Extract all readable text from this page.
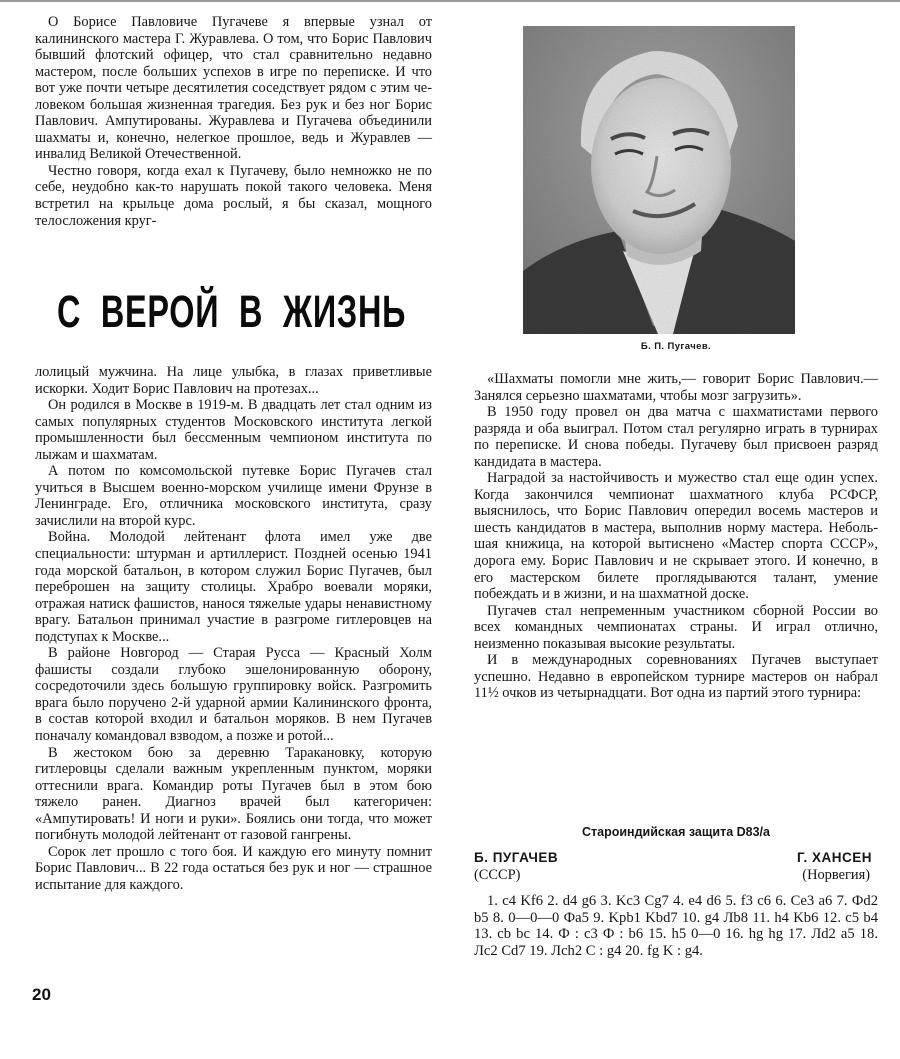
О Борисе Павловиче Пугачеве я впервые узнал от калининского мастера Г. Журавлева. О том, что Борис Павлович бывший флотский офицер, что стал сравнительно недавно мастером, после больших успехов в игре по переписке. И что вот уже почти четыре десятилетия соседствует рядом с этим человеком большая жизненная трагедия. Без рук и без ног Борис Павлович. Ампутированы. Журавлева и Пугачева объединили шахматы и, конечно, нелегкое прошлое, ведь и Журавлев — инвалид Великой Отечественной.

Честно говоря, когда ехал к Пугачеву, было немножко не по себе, неудобно как-то нарушать покой такого человека. Меня встретил на крыльце дома рослый, я бы сказал, мощного телосложения круг-

С ВЕРОЙ В ЖИЗНЬ

лолицый мужчина. На лице улыбка, в глазах приветливые искорки. Ходит Борис Павлович на протезах...

Он родился в Москве в 1919-м. В двадцать лет стал одним из самых популярных студентов Московского института легкой промышленности был бессменным чемпионом института по лыжам и шахматам.

А потом по комсомольской путевке Борис Пугачев стал учиться в Высшем военно-морском училище имени Фрунзе в Ленинграде. Его, отличника московского института, сразу зачислили на второй курс.

Война. Молодой лейтенант флота имел уже две специальности: штурман и артиллерист. Поздней осенью 1941 года морской батальон, в котором служил Борис Пугачев, был переброшен на защиту столицы. Храбро воевали моряки, отражая натиск фашистов, нанося тяжелые удары ненавистному врагу. Батальон принимал участие в разгроме гитлеровцев на подступах к Москве...

В районе Новгород — Старая Русса — Красный Холм фашисты создали глубоко эшелонированную оборону, сосредоточили здесь большую группировку войск. Разгромить врага было поручено 2-й ударной армии Калининского фронта, в состав которой входил и батальон моряков. В нем Пугачев поначалу командовал взводом, а позже и ротой...

В жестоком бою за деревню Таракановку, которую гитлеровцы сделали важным укрепленным пунктом, моряки оттеснили врага. Командир роты Пугачев был в этом бою тяжело ранен. Диагноз врачей был категоричен: «Ампутировать! И ноги и руки». Боялись они тогда, что может погибнуть молодой лейтенант от газовой гангрены.

Сорок лет прошло с того боя. И каждую его минуту помнит Борис Павлович... В 22 года остаться без рук и ног — страшное испытание для каждого.

20
Б. П. Пугачев.

«Шахматы помогли мне жить,— говорит Борис Павлович.— Занялся серьезно шахматами, чтобы мозг загрузить».

В 1950 году провел он два матча с шахматистами первого разряда и оба выиграл. Потом стал регулярно играть в турнирах по переписке. И снова победы. Пугачеву был присвоен разряд кандидата в мастера.

Наградой за настойчивость и мужество стал еще один успех. Когда закончился чемпионат шахматного клуба РСФСР, выяснилось, что Борис Павлович опередил восемь мастеров и шесть кандидатов в мастера, выполнив норму мастера. Небольшая книжица, на которой вытиснено «Мастер спорта СССР», дорога ему. Борис Павлович и не скрывает этого. И конечно, в его мастерском билете проглядываются талант, умение побеждать и в жизни, и на шахматной доске.

Пугачев стал непременным участником сборной России во всех командных чемпионатах страны. И играл отлично, неизменно показывая высокие результаты.

И в международных соревнованиях Пугачев выступает успешно. Недавно в европейском турнире мастеров он набрал 11½ очков из четырнадцати. Вот одна из партий этого турнира:

Староиндийская защита D83/a
Б. ПУГАЧЕВ
(СССР)
Г. ХАНСЕН
(Норвегия)
1. c4 Kf6 2. d4 g6 3. Kc3 Cg7 4. e4 d6 5. f3 c6 6. Ce3 a6 7. Фd2 b5 8. 0—0—0 Фa5 9. Kpb1 Kbd7 10. g4 Лb8 11. h4 Kb6 12. c5 b4 13. cb bc 14. Ф : c3 Ф : b6 15. h5 0—0 16. hg hg 17. Лd2 a5 18. Лc2 Cd7 19. Лch2 C : g4 20. fg K : g4.
